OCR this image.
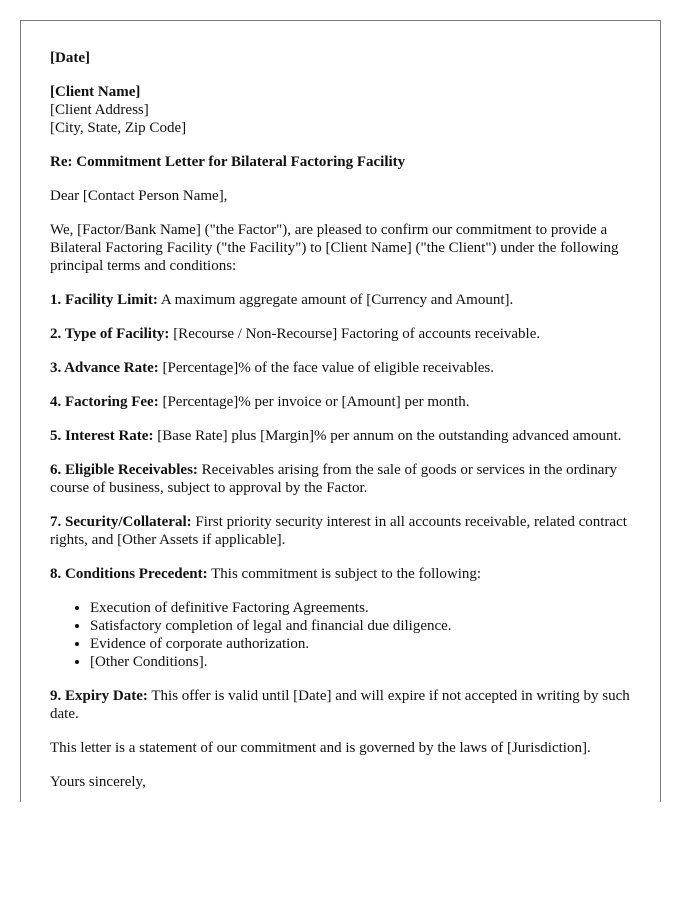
[Date]

[Client Name]
[Client Address]
[City, State, Zip Code]

Re: Commitment Letter for Bilateral Factoring Facility

Dear [Contact Person Name],

We, [Factor/Bank Name] ("the Factor"), are pleased to confirm our commitment to provide a Bilateral Factoring Facility ("the Facility") to [Client Name] ("the Client") under the following principal terms and conditions:

1. Facility Limit: A maximum aggregate amount of [Currency and Amount].

2. Type of Facility: [Recourse / Non-Recourse] Factoring of accounts receivable.

3. Advance Rate: [Percentage]% of the face value of eligible receivables.

4. Factoring Fee: [Percentage]% per invoice or [Amount] per month.

5. Interest Rate: [Base Rate] plus [Margin]% per annum on the outstanding advanced amount.

6. Eligible Receivables: Receivables arising from the sale of goods or services in the ordinary course of business, subject to approval by the Factor.

7. Security/Collateral: First priority security interest in all accounts receivable, related contract rights, and [Other Assets if applicable].

8. Conditions Precedent: This commitment is subject to the following:

• Execution of definitive Factoring Agreements.
• Satisfactory completion of legal and financial due diligence.
• Evidence of corporate authorization.
• [Other Conditions].

9. Expiry Date: This offer is valid until [Date] and will expire if not accepted in writing by such date.

This letter is a statement of our commitment and is governed by the laws of [Jurisdiction].

Yours sincerely,
